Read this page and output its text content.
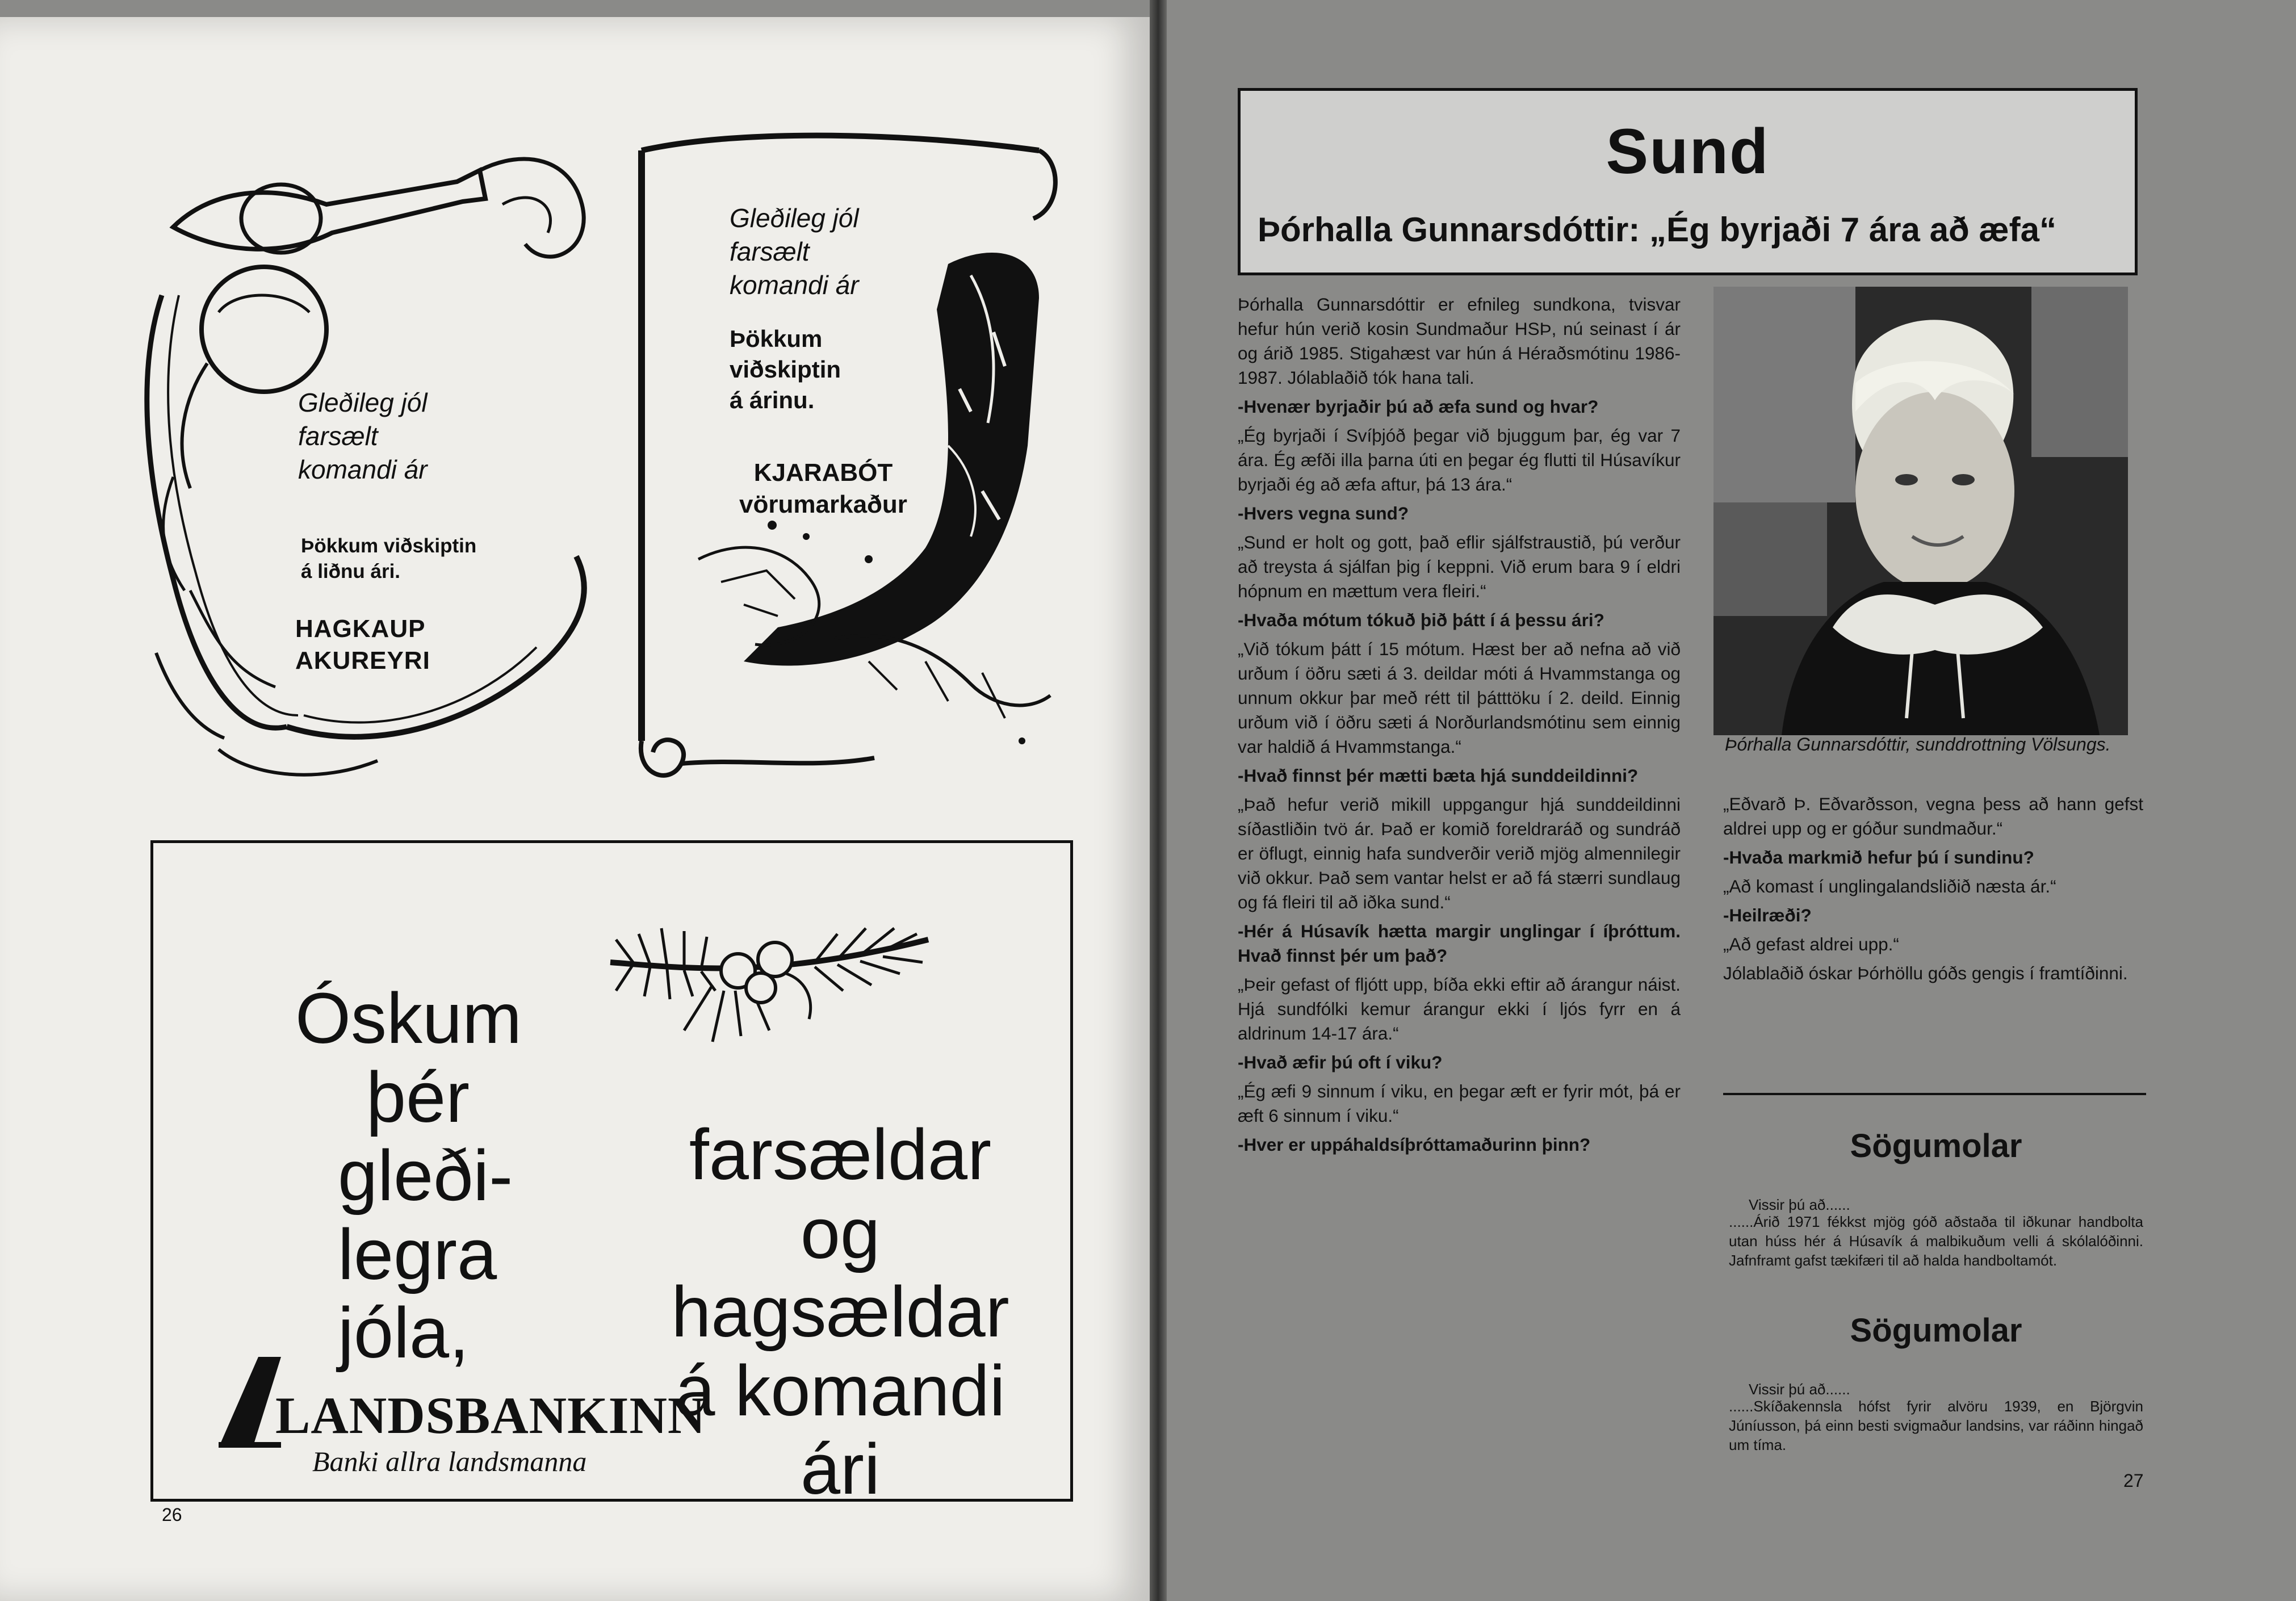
Gleðileg jól
farsælt
komandi ár
Þökkum viðskiptin
á liðnu ári.
HAGKAUP
AKUREYRI
Gleðileg jól
farsælt
komandi ár
Þökkum
viðskiptin
á árinu.
KJARABÓT
vörumarkaður
Óskum
þér
gleði-
legra
jóla,
farsældar
og hagsældar
á komandi ári
LANDSBANKINN
Banki allra landsmanna
26
Sund
Þórhalla Gunnarsdóttir: „Ég byrjaði 7 ára að æfa“

Þórhalla Gunnarsdóttir er efnileg sundkona, tvisvar hefur hún verið kosin Sundmaður HSÞ, nú seinast í ár og árið 1985. Stigahæst var hún á Héraðsmótinu 1986-1987. Jólablaðið tók hana tali.

-Hvenær byrjaðir þú að æfa sund og hvar?

„Ég byrjaði í Svíþjóð þegar við bjuggum þar, ég var 7 ára. Ég æfði illa þarna úti en þegar ég flutti til Húsavíkur byrjaði ég að æfa aftur, þá 13 ára.“

-Hvers vegna sund?

„Sund er holt og gott, það eflir sjálfstraustið, þú verður að treysta á sjálfan þig í keppni. Við erum bara 9 í eldri hópnum en mættum vera fleiri.“

-Hvaða mótum tókuð þið þátt í á þessu ári?

„Við tókum þátt í 15 mótum. Hæst ber að nefna að við urðum í öðru sæti á 3. deildar móti á Hvammstanga og unnum okkur þar með rétt til þátttöku í 2. deild. Einnig urðum við í öðru sæti á Norðurlandsmótinu sem einnig var haldið á Hvammstanga.“

-Hvað finnst þér mætti bæta hjá sunddeildinni?

„Það hefur verið mikill uppgangur hjá sunddeildinni síðastliðin tvö ár. Það er komið foreldraráð og sundráð er öflugt, einnig hafa sundverðir verið mjög almennilegir við okkur. Það sem vantar helst er að fá stærri sundlaug og fá fleiri til að iðka sund.“

-Hér á Húsavík hætta margir unglingar í íþróttum. Hvað finnst þér um það?

„Þeir gefast of fljótt upp, bíða ekki eftir að árangur náist. Hjá sundfólki kemur árangur ekki í ljós fyrr en á aldrinum 14-17 ára.“

-Hvað æfir þú oft í viku?

„Ég æfi 9 sinnum í viku, en þegar æft er fyrir mót, þá er æft 6 sinnum í viku.“

-Hver er uppáhaldsíþróttamaðurinn þinn?

Þórhalla Gunnarsdóttir, sunddrottning Völsungs.

„Eðvarð Þ. Eðvarðsson, vegna þess að hann gefst aldrei upp og er góður sundmaður.“

-Hvaða markmið hefur þú í sundinu?

„Að komast í unglingalandsliðið næsta ár.“

-Heilræði?

„Að gefast aldrei upp.“

Jólablaðið óskar Þórhöllu góðs gengis í framtíðinni.

Sögumolar
Vissir þú að......
......Árið 1971 fékkst mjög góð aðstaða til iðkunar handbolta utan húss hér á Húsavík á malbikuðum velli á skólalóðinni. Jafnframt gafst tækifæri til að halda handboltamót.
Sögumolar
Vissir þú að......
......Skíðakennsla hófst fyrir alvöru 1939, en Björgvin Júníusson, þá einn besti svigmaður landsins, var ráðinn hingað um tíma.
27
